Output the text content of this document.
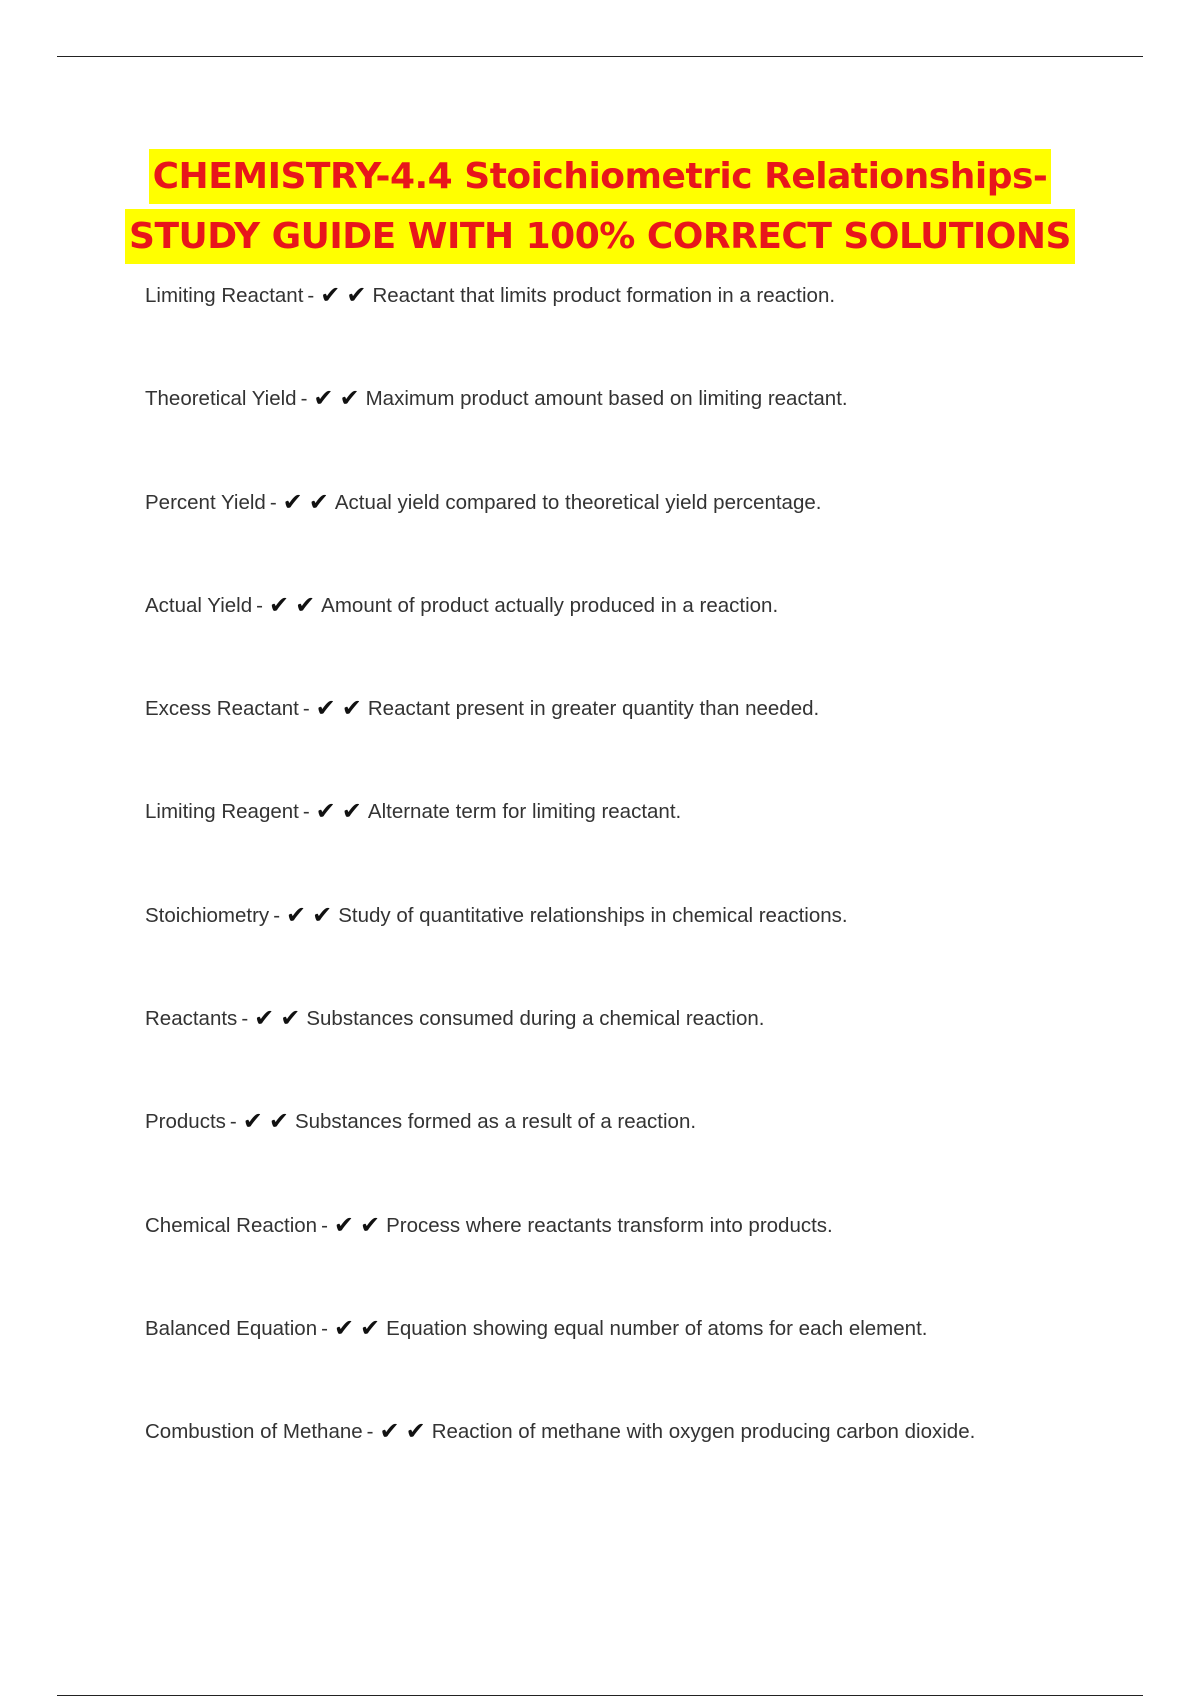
CHEMISTRY-4.4 Stoichiometric Relationships-
STUDY GUIDE WITH 100% CORRECT SOLUTIONS
Limiting Reactant - ✔ ✔ Reactant that limits product formation in a reaction.
Theoretical Yield - ✔ ✔ Maximum product amount based on limiting reactant.
Percent Yield - ✔ ✔ Actual yield compared to theoretical yield percentage.
Actual Yield - ✔ ✔ Amount of product actually produced in a reaction.
Excess Reactant - ✔ ✔ Reactant present in greater quantity than needed.
Limiting Reagent - ✔ ✔ Alternate term for limiting reactant.
Stoichiometry - ✔ ✔ Study of quantitative relationships in chemical reactions.
Reactants - ✔ ✔ Substances consumed during a chemical reaction.
Products - ✔ ✔ Substances formed as a result of a reaction.
Chemical Reaction - ✔ ✔ Process where reactants transform into products.
Balanced Equation - ✔ ✔ Equation showing equal number of atoms for each element.
Combustion of Methane - ✔ ✔ Reaction of methane with oxygen producing carbon dioxide.
